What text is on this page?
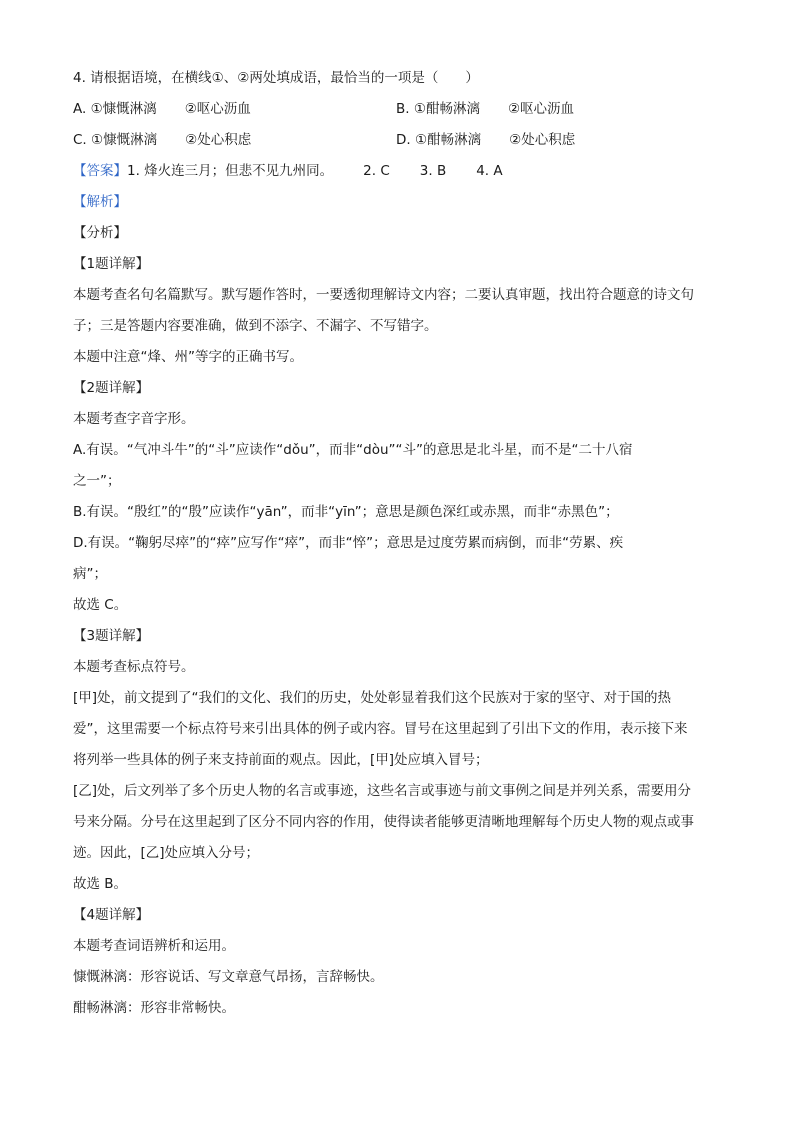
4. 请根据语境，在横线①、②两处填成语，最恰当的一项是（　　）
A. ①慷慨淋漓 ②呕心沥血	B. ①酣畅淋漓 ②呕心沥血
C. ①慷慨淋漓 ②处心积虑	D. ①酣畅淋漓 ②处心积虑
【答案】1. 烽火连三月；但悲不见九州同。 2. C 3. B 4. A
【解析】
【分析】
【1题详解】
本题考查名句名篇默写。默写题作答时，一要透彻理解诗文内容；二要认真审题，找出符合题意的诗文句
子；三是答题内容要准确，做到不添字、不漏字、不写错字。
本题中注意“烽、州”等字的正确书写。
【2题详解】
本题考查字音字形。
A.有误。“气冲斗牛”的“斗”应读作“dǒu”，而非“dòu”“斗”的意思是北斗星，而不是“二十八宿
之一”；
B.有误。“殷红”的“殷”应读作“yān”，而非“yīn”；意思是颜色深红或赤黑，而非“赤黑色”；
D.有误。“鞠躬尽瘁”的“瘁”应写作“瘁”，而非“悴”；意思是过度劳累而病倒，而非“劳累、疾
病”；
故选 C。
【3题详解】
本题考查标点符号。
[甲]处，前文提到了“我们的文化、我们的历史，处处彰显着我们这个民族对于家的坚守、对于国的热
爱”，这里需要一个标点符号来引出具体的例子或内容。冒号在这里起到了引出下文的作用，表示接下来
将列举一些具体的例子来支持前面的观点。因此，[甲]处应填入冒号；
[乙]处，后文列举了多个历史人物的名言或事迹，这些名言或事迹与前文事例之间是并列关系，需要用分
号来分隔。分号在这里起到了区分不同内容的作用，使得读者能够更清晰地理解每个历史人物的观点或事
迹。因此，[乙]处应填入分号；
故选 B。
【4题详解】
本题考查词语辨析和运用。
慷慨淋漓：形容说话、写文章意气昂扬，言辞畅快。
酣畅淋漓：形容非常畅快。
